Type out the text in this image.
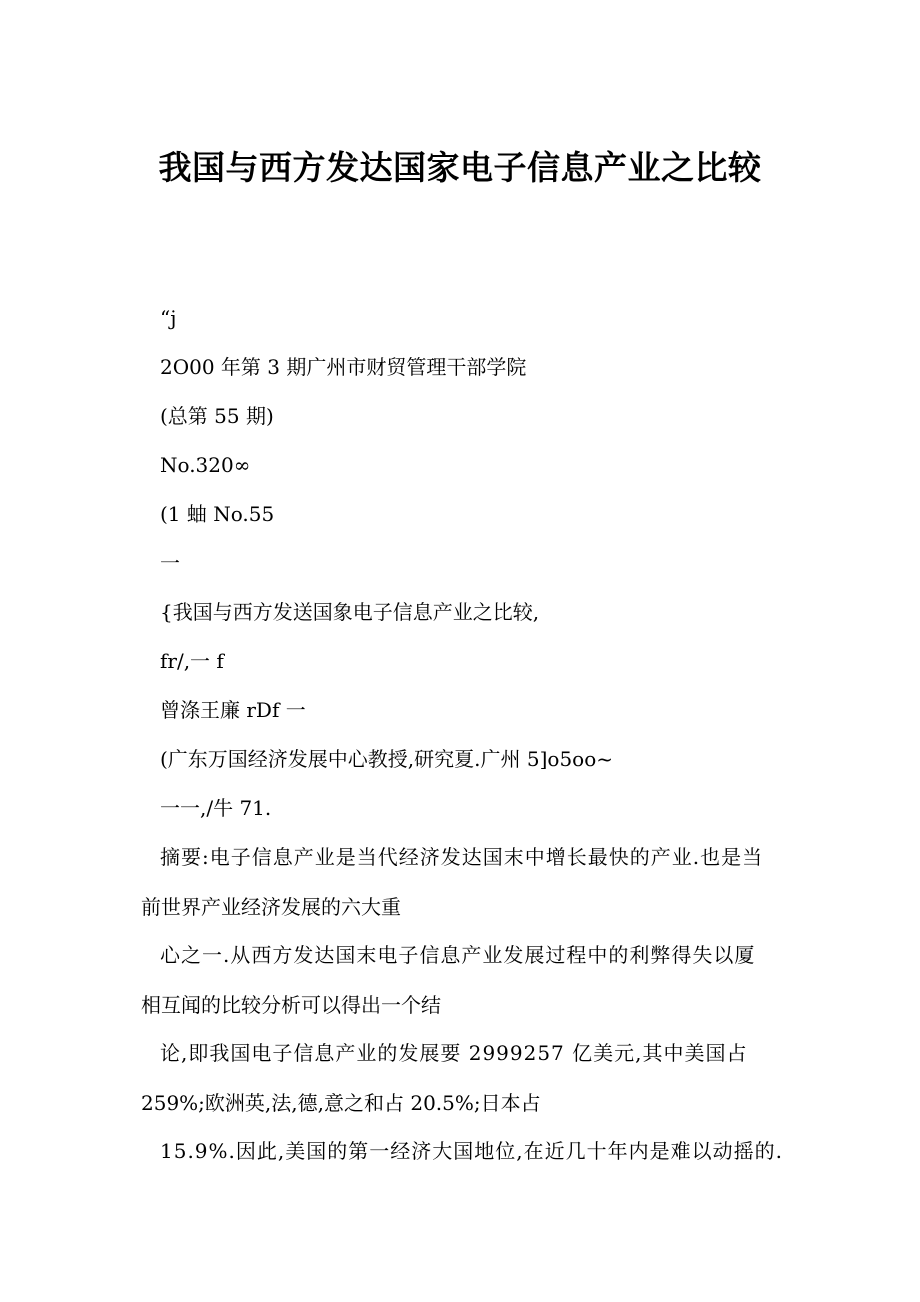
我国与西方发达国家电子信息产业之比较
“j
2O00 年第 3 期广州市财贸管理干部学院
(总第 55 期)
No.320∞
(1 蚰 No.55
一
{我国与西方发送国象电子信息产业之比较,
fr/,一 f
曾涤王廉 rDf 一
(广东万国经济发展中心教授,研究夏.广州 5]o5oo~
一一,/牛 71.
摘要:电子信息产业是当代经济发达国末中增长最快的产业.也是当
前世界产业经济发展的六大重
心之一.从西方发达国末电子信息产业发展过程中的利弊得失以厦
相互闻的比较分析可以得出一个结
论,即我国电子信息产业的发展要 2999257 亿美元,其中美国占
259%;欧洲英,法,德,意之和占 20.5%;日本占
15.9%.因此,美国的第一经济大国地位,在近几十年内是难以动摇的.
